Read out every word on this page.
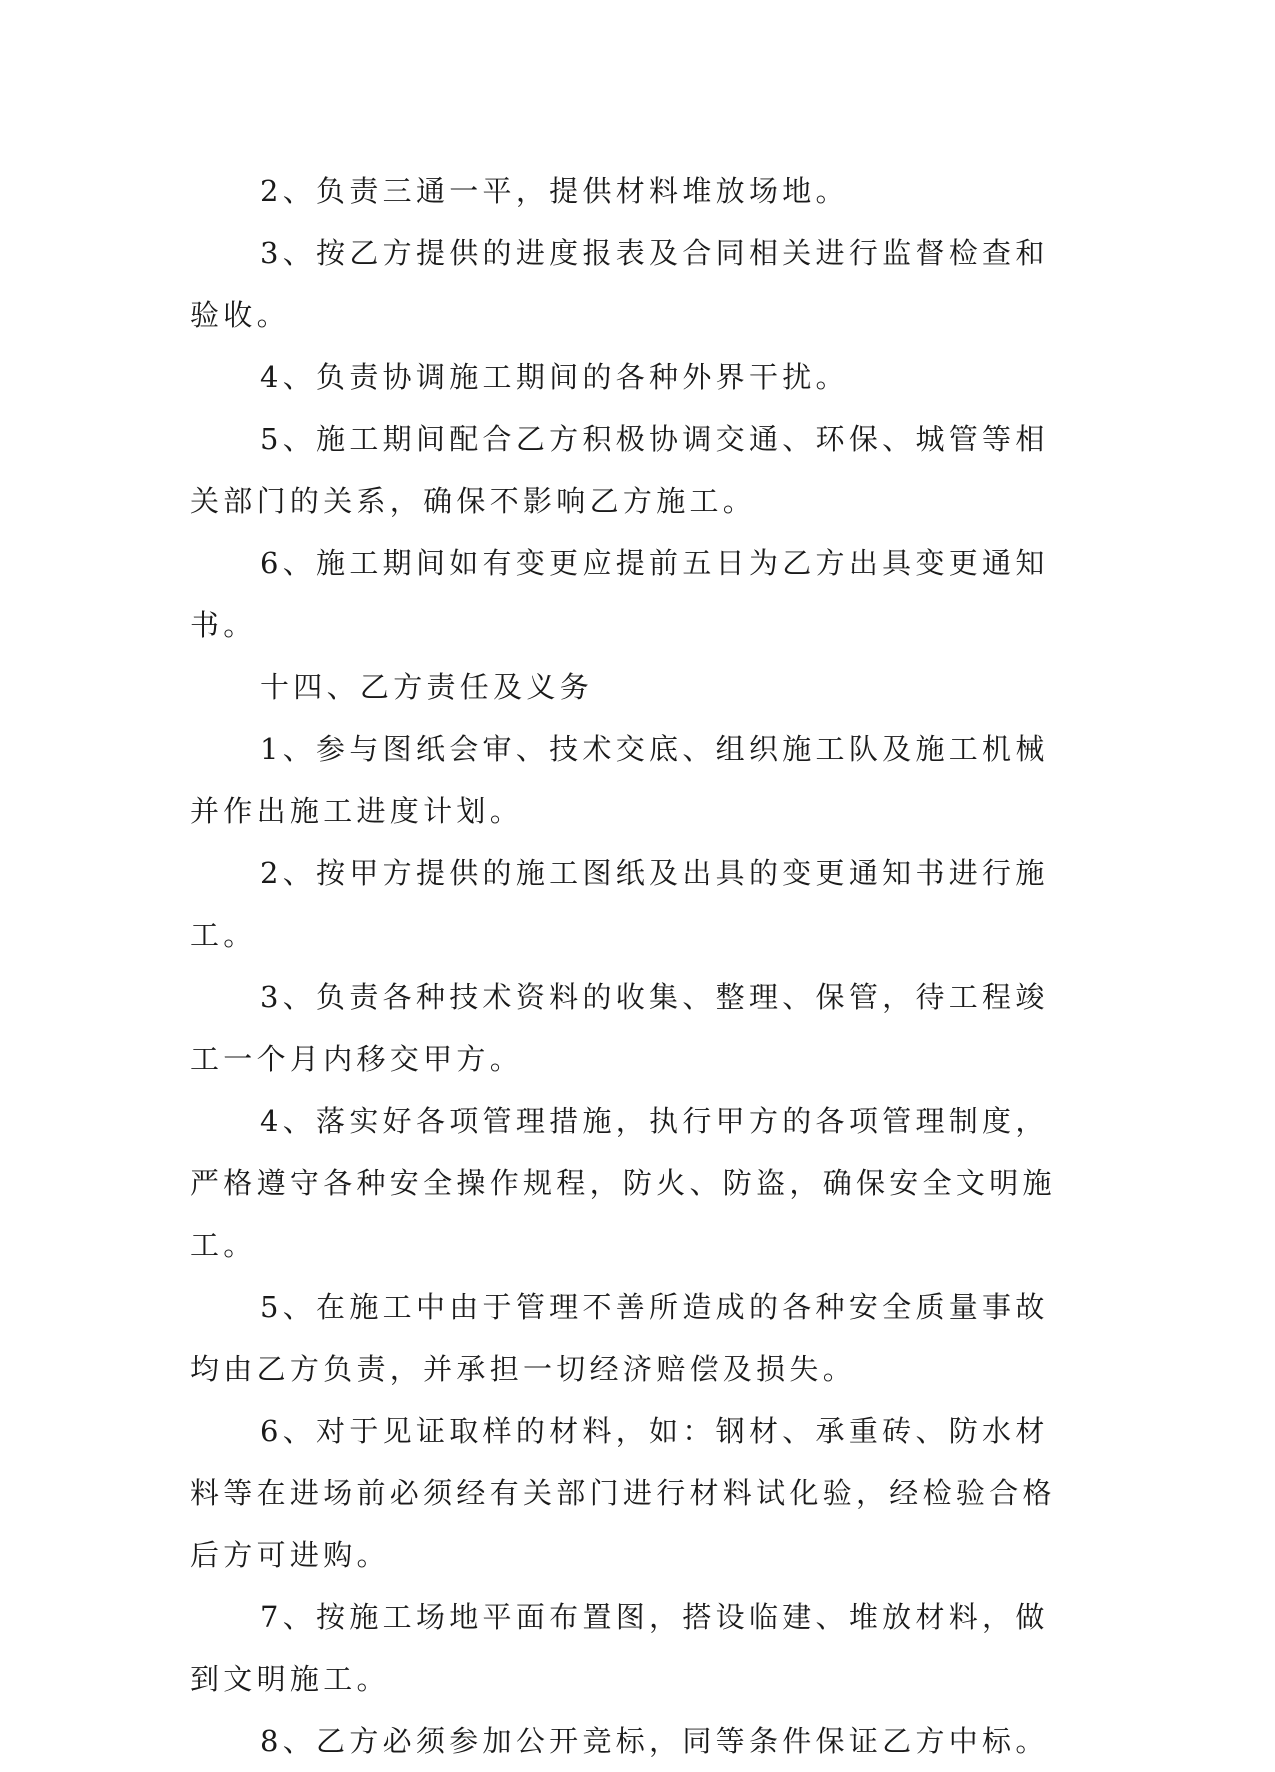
2、负责三通一平，提供材料堆放场地。

3、按乙方提供的进度报表及合同相关进行监督检查和验收。

4、负责协调施工期间的各种外界干扰。

5、施工期间配合乙方积极协调交通、环保、城管等相关部门的关系，确保不影响乙方施工。

6、施工期间如有变更应提前五日为乙方出具变更通知书。

十四、乙方责任及义务

1、参与图纸会审、技术交底、组织施工队及施工机械并作出施工进度计划。

2、按甲方提供的施工图纸及出具的变更通知书进行施工。

3、负责各种技术资料的收集、整理、保管，待工程竣工一个月内移交甲方。

4、落实好各项管理措施，执行甲方的各项管理制度，严格遵守各种安全操作规程，防火、防盗，确保安全文明施工。

5、在施工中由于管理不善所造成的各种安全质量事故均由乙方负责，并承担一切经济赔偿及损失。

6、对于见证取样的材料，如：钢材、承重砖、防水材料等在进场前必须经有关部门进行材料试化验，经检验合格后方可进购。

7、按施工场地平面布置图，搭设临建、堆放材料，做到文明施工。

8、乙方必须参加公开竞标，同等条件保证乙方中标。
